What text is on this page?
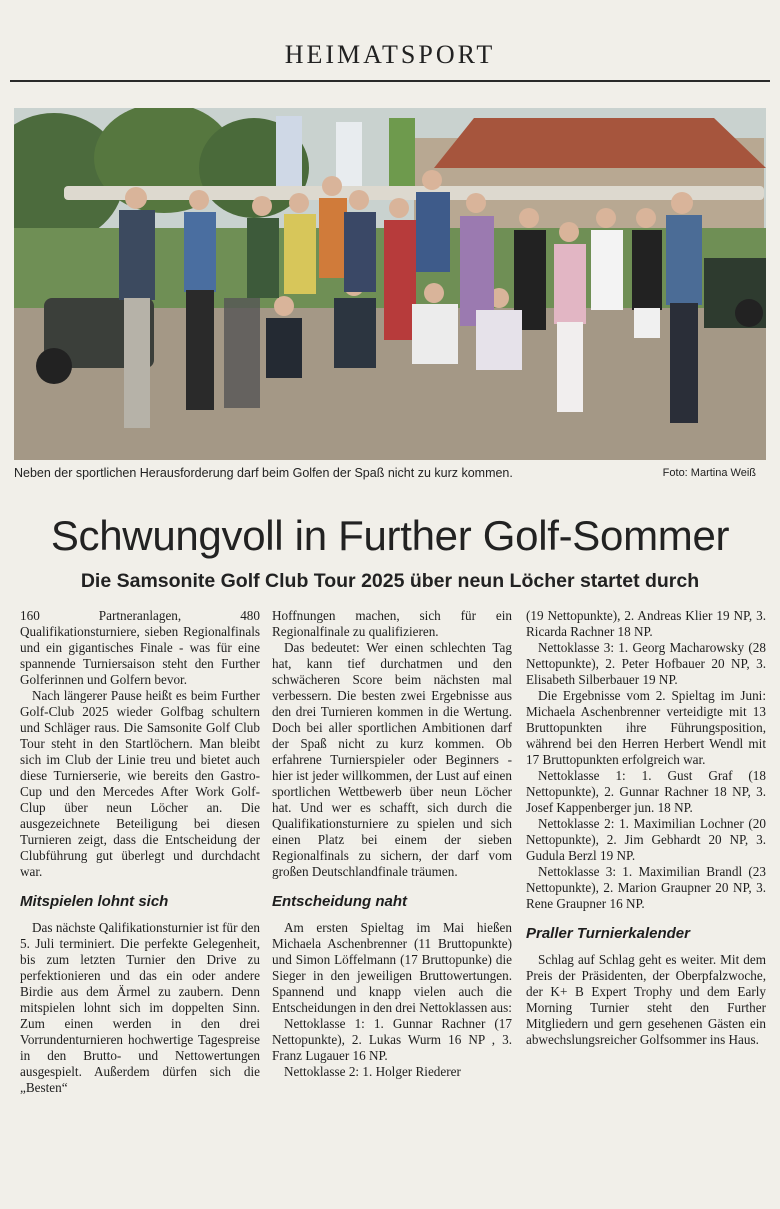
HEIMATSPORT
Neben der sportlichen Herausforderung darf beim Golfen der Spaß nicht zu kurz kommen.	Foto: Martina Weiß
Schwungvoll in Further Golf-Sommer
Die Samsonite Golf Club Tour 2025 über neun Löcher startet durch

160 Partneranlagen, 480 Qualifikationsturniere, sieben Regionalfinals und ein gigantisches Finale - was für eine spannende Turniersaison steht den Further Golferinnen und Golfern bevor.

Nach längerer Pause heißt es beim Further Golf-Club 2025 wieder Golfbag schultern und Schläger raus. Die Samsonite Golf Club Tour steht in den Startlöchern. Man bleibt sich im Club der Linie treu und bietet auch diese Turnierserie, wie bereits den Gastro-Cup und den Mercedes After Work Golf-Clup über neun Löcher an. Die ausgezeichnete Beteiligung bei diesen Turnieren zeigt, dass die Entscheidung der Clubführung gut überlegt und durchdacht war.

Mitspielen lohnt sich

Das nächste Qalifikationsturnier ist für den 5. Juli terminiert. Die perfekte Gelegenheit, bis zum letzten Turnier den Drive zu perfektionieren und das ein oder andere Birdie aus dem Ärmel zu zaubern. Denn mitspielen lohnt sich im doppelten Sinn. Zum einen werden in den drei Vorrundenturnieren hochwertige Tagespreise in den Brutto- und Nettowertungen ausgespielt. Außerdem dürfen sich die „Besten“

Hoffnungen machen, sich für ein Regionalfinale zu qualifizieren.

Das bedeutet: Wer einen schlechten Tag hat, kann tief durchatmen und den schwächeren Score beim nächsten mal verbessern. Die besten zwei Ergebnisse aus den drei Turnieren kommen in die Wertung. Doch bei aller sportlichen Ambitionen darf der Spaß nicht zu kurz kommen. Ob erfahrene Turnierspieler oder Beginners - hier ist jeder willkommen, der Lust auf einen sportlichen Wettbewerb über neun Löcher hat. Und wer es schafft, sich durch die Qualifikationsturniere zu spielen und sich einen Platz bei einem der sieben Regionalfinals zu sichern, der darf vom großen Deutschlandfinale träumen.

Entscheidung naht

Am ersten Spieltag im Mai hießen Michaela Aschenbrenner (11 Bruttopunkte) und Simon Löffelmann (17 Bruttopunke) die Sieger in den jeweiligen Bruttowertungen. Spannend und knapp vielen auch die Entscheidungen in den drei Nettoklassen aus:

Nettoklasse 1: 1. Gunnar Rachner (17 Nettopunkte), 2. Lukas Wurm 16 NP , 3. Franz Lugauer 16 NP.

Nettoklasse 2: 1. Holger Riederer

(19 Nettopunkte), 2. Andreas Klier 19 NP, 3. Ricarda Rachner 18 NP.

Nettoklasse 3: 1. Georg Macharowsky (28 Nettopunkte), 2. Peter Hofbauer 20 NP, 3. Elisabeth Silberbauer 19 NP.

Die Ergebnisse vom 2. Spieltag im Juni: Michaela Aschenbrenner verteidigte mit 13 Bruttopunkten ihre Führungsposition, während bei den Herren Herbert Wendl mit 17 Bruttopunkten erfolgreich war.

Nettoklasse 1: 1. Gust Graf (18 Nettopunkte), 2. Gunnar Rachner 18 NP, 3. Josef Kappenberger jun. 18 NP.

Nettoklasse 2: 1. Maximilian Lochner (20 Nettopunkte), 2. Jim Gebhardt 20 NP, 3. Gudula Berzl 19 NP.

Nettoklasse 3: 1. Maximilian Brandl (23 Nettopunkte), 2. Marion Graupner 20 NP, 3. Rene Graupner 16 NP.

Praller Turnierkalender

Schlag auf Schlag geht es weiter. Mit dem Preis der Präsidenten, der Oberpfalzwoche, der K+ B Expert Trophy und dem Early Morning Turnier steht den Further Mitgliedern und gern gesehenen Gästen ein abwechslungsreicher Golfsommer ins Haus.
